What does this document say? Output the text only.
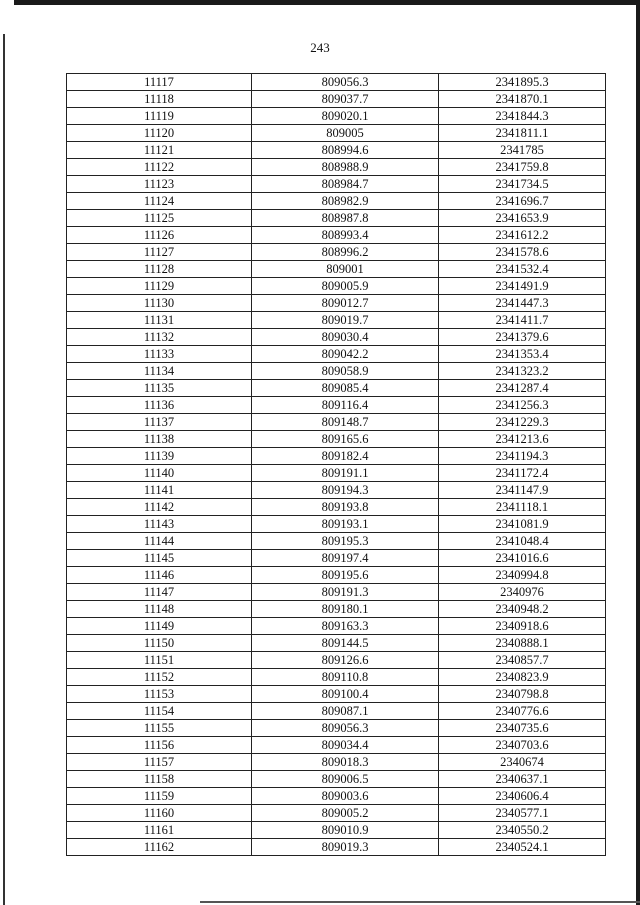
243
11117	809056.3	2341895.3
11118	809037.7	2341870.1
11119	809020.1	2341844.3
11120	809005	2341811.1
11121	808994.6	2341785
11122	808988.9	2341759.8
11123	808984.7	2341734.5
11124	808982.9	2341696.7
11125	808987.8	2341653.9
11126	808993.4	2341612.2
11127	808996.2	2341578.6
11128	809001	2341532.4
11129	809005.9	2341491.9
11130	809012.7	2341447.3
11131	809019.7	2341411.7
11132	809030.4	2341379.6
11133	809042.2	2341353.4
11134	809058.9	2341323.2
11135	809085.4	2341287.4
11136	809116.4	2341256.3
11137	809148.7	2341229.3
11138	809165.6	2341213.6
11139	809182.4	2341194.3
11140	809191.1	2341172.4
11141	809194.3	2341147.9
11142	809193.8	2341118.1
11143	809193.1	2341081.9
11144	809195.3	2341048.4
11145	809197.4	2341016.6
11146	809195.6	2340994.8
11147	809191.3	2340976
11148	809180.1	2340948.2
11149	809163.3	2340918.6
11150	809144.5	2340888.1
11151	809126.6	2340857.7
11152	809110.8	2340823.9
11153	809100.4	2340798.8
11154	809087.1	2340776.6
11155	809056.3	2340735.6
11156	809034.4	2340703.6
11157	809018.3	2340674
11158	809006.5	2340637.1
11159	809003.6	2340606.4
11160	809005.2	2340577.1
11161	809010.9	2340550.2
11162	809019.3	2340524.1
